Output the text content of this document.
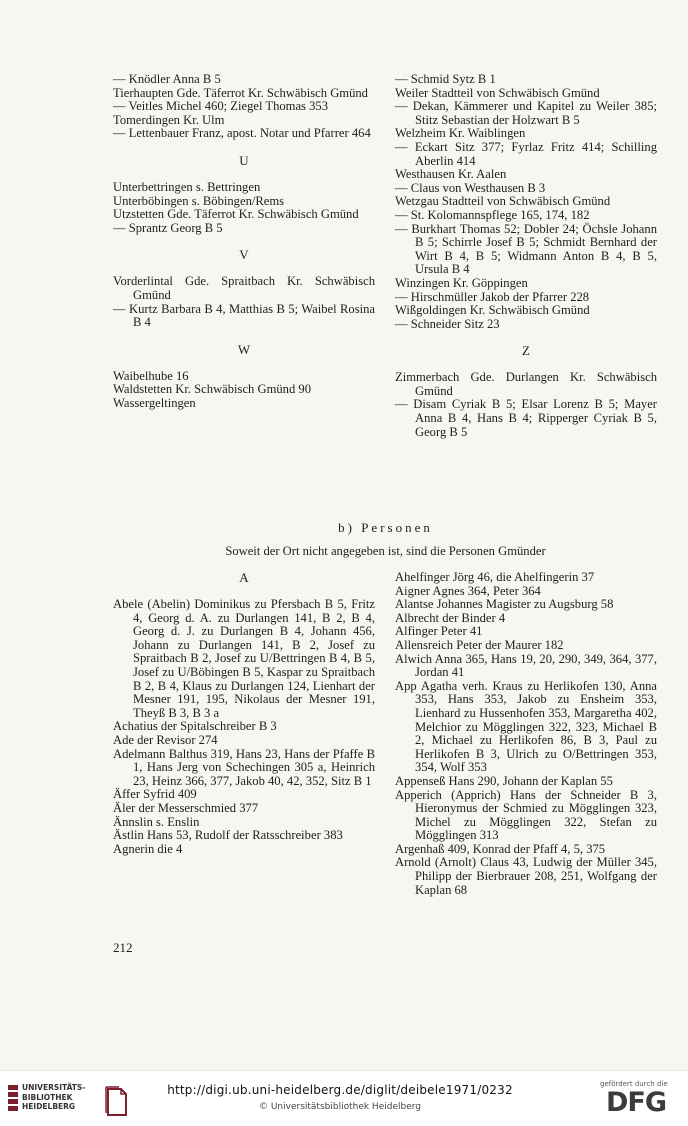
— Knödler Anna B 5

Tierhaupten Gde. Täferrot Kr. Schwäbisch Gmünd

— Veitles Michel 460; Ziegel Thomas 353

Tomerdingen Kr. Ulm

— Lettenbauer Franz, apost. Notar und Pfarrer 464

U

Unterbettringen s. Bettringen

Unterböbingen s. Böbingen/Rems

Utzstetten Gde. Täferrot Kr. Schwäbisch Gmünd

— Sprantz Georg B 5

V

Vorderlintal Gde. Spraitbach Kr. Schwäbisch Gmünd

— Kurtz Barbara B 4, Matthias B 5; Waibel Rosina B 4

W

Waibelhube 16

Waldstetten Kr. Schwäbisch Gmünd 90

Wassergeltingen

— Schmid Sytz B 1

Weiler Stadtteil von Schwäbisch Gmünd

— Dekan, Kämmerer und Kapitel zu Weiler 385; Stitz Sebastian der Holzwart B 5

Welzheim Kr. Waiblingen

— Eckart Sitz 377; Fyrlaz Fritz 414; Schilling Aberlin 414

Westhausen Kr. Aalen

— Claus von Westhausen B 3

Wetzgau Stadtteil von Schwäbisch Gmünd

— St. Kolomannspflege 165, 174, 182

— Burkhart Thomas 52; Dobler 24; Öchsle Johann B 5; Schirrle Josef B 5; Schmidt Bernhard der Wirt B 4, B 5; Widmann Anton B 4, B 5, Ursula B 4

Winzingen Kr. Göppingen

— Hirschmüller Jakob der Pfarrer 228

Wißgoldingen Kr. Schwäbisch Gmünd

— Schneider Sitz 23

Z

Zimmerbach Gde. Durlangen Kr. Schwäbisch Gmünd

— Disam Cyriak B 5; Elsar Lorenz B 5; Mayer Anna B 4, Hans B 4; Ripperger Cyriak B 5, Georg B 5

b) Personen
Soweit der Ort nicht angegeben ist, sind die Personen Gmünder

A

Abele (Abelin) Dominikus zu Pfersbach B 5, Fritz 4, Georg d. A. zu Durlangen 141, B 2, B 4, Georg d. J. zu Durlangen B 4, Johann 456, Johann zu Durlangen 141, B 2, Josef zu Spraitbach B 2, Josef zu U/Bettringen B 4, B 5, Josef zu U/Böbingen B 5, Kaspar zu Spraitbach B 2, B 4, Klaus zu Durlangen 124, Lienhart der Mesner 191, 195, Nikolaus der Mesner 191, Theyß B 3, B 3 a

Achatius der Spitalschreiber B 3

Ade der Revisor 274

Adelmann Balthus 319, Hans 23, Hans der Pfaffe B 1, Hans Jerg von Schechingen 305 a, Heinrich 23, Heinz 366, 377, Jakob 40, 42, 352, Sitz B 1

Äffer Syfrid 409

Äler der Messerschmied 377

Ännslin s. Enslin

Ästlin Hans 53, Rudolf der Ratsschreiber 383

Agnerin die 4

Ahelfinger Jörg 46, die Ahelfingerin 37

Aigner Agnes 364, Peter 364

Alantse Johannes Magister zu Augsburg 58

Albrecht der Binder 4

Alfinger Peter 41

Allensreich Peter der Maurer 182

Alwich Anna 365, Hans 19, 20, 290, 349, 364, 377, Jordan 41

App Agatha verh. Kraus zu Herlikofen 130, Anna 353, Hans 353, Jakob zu Ensheim 353, Lienhard zu Hussenhofen 353, Margaretha 402, Melchior zu Mögglingen 322, 323, Michael B 2, Michael zu Herlikofen 86, B 3, Paul zu Herlikofen B 3, Ulrich zu O/Bettringen 353, 354, Wolf 353

Appenseß Hans 290, Johann der Kaplan 55

Apperich (Apprich) Hans der Schneider B 3, Hieronymus der Schmied zu Mögglingen 323, Michel zu Mögglingen 322, Stefan zu Mögglingen 313

Argenhaß 409, Konrad der Pfaff 4, 5, 375

Arnold (Arnolt) Claus 43, Ludwig der Müller 345, Philipp der Bierbrauer 208, 251, Wolfgang der Kaplan 68

212
UNIVERSITÄTS-
BIBLIOTHEK
HEIDELBERG
http://digi.ub.uni-heidelberg.de/diglit/deibele1971/0232
© Universitätsbibliothek Heidelberg
gefördert durch die
DFG
